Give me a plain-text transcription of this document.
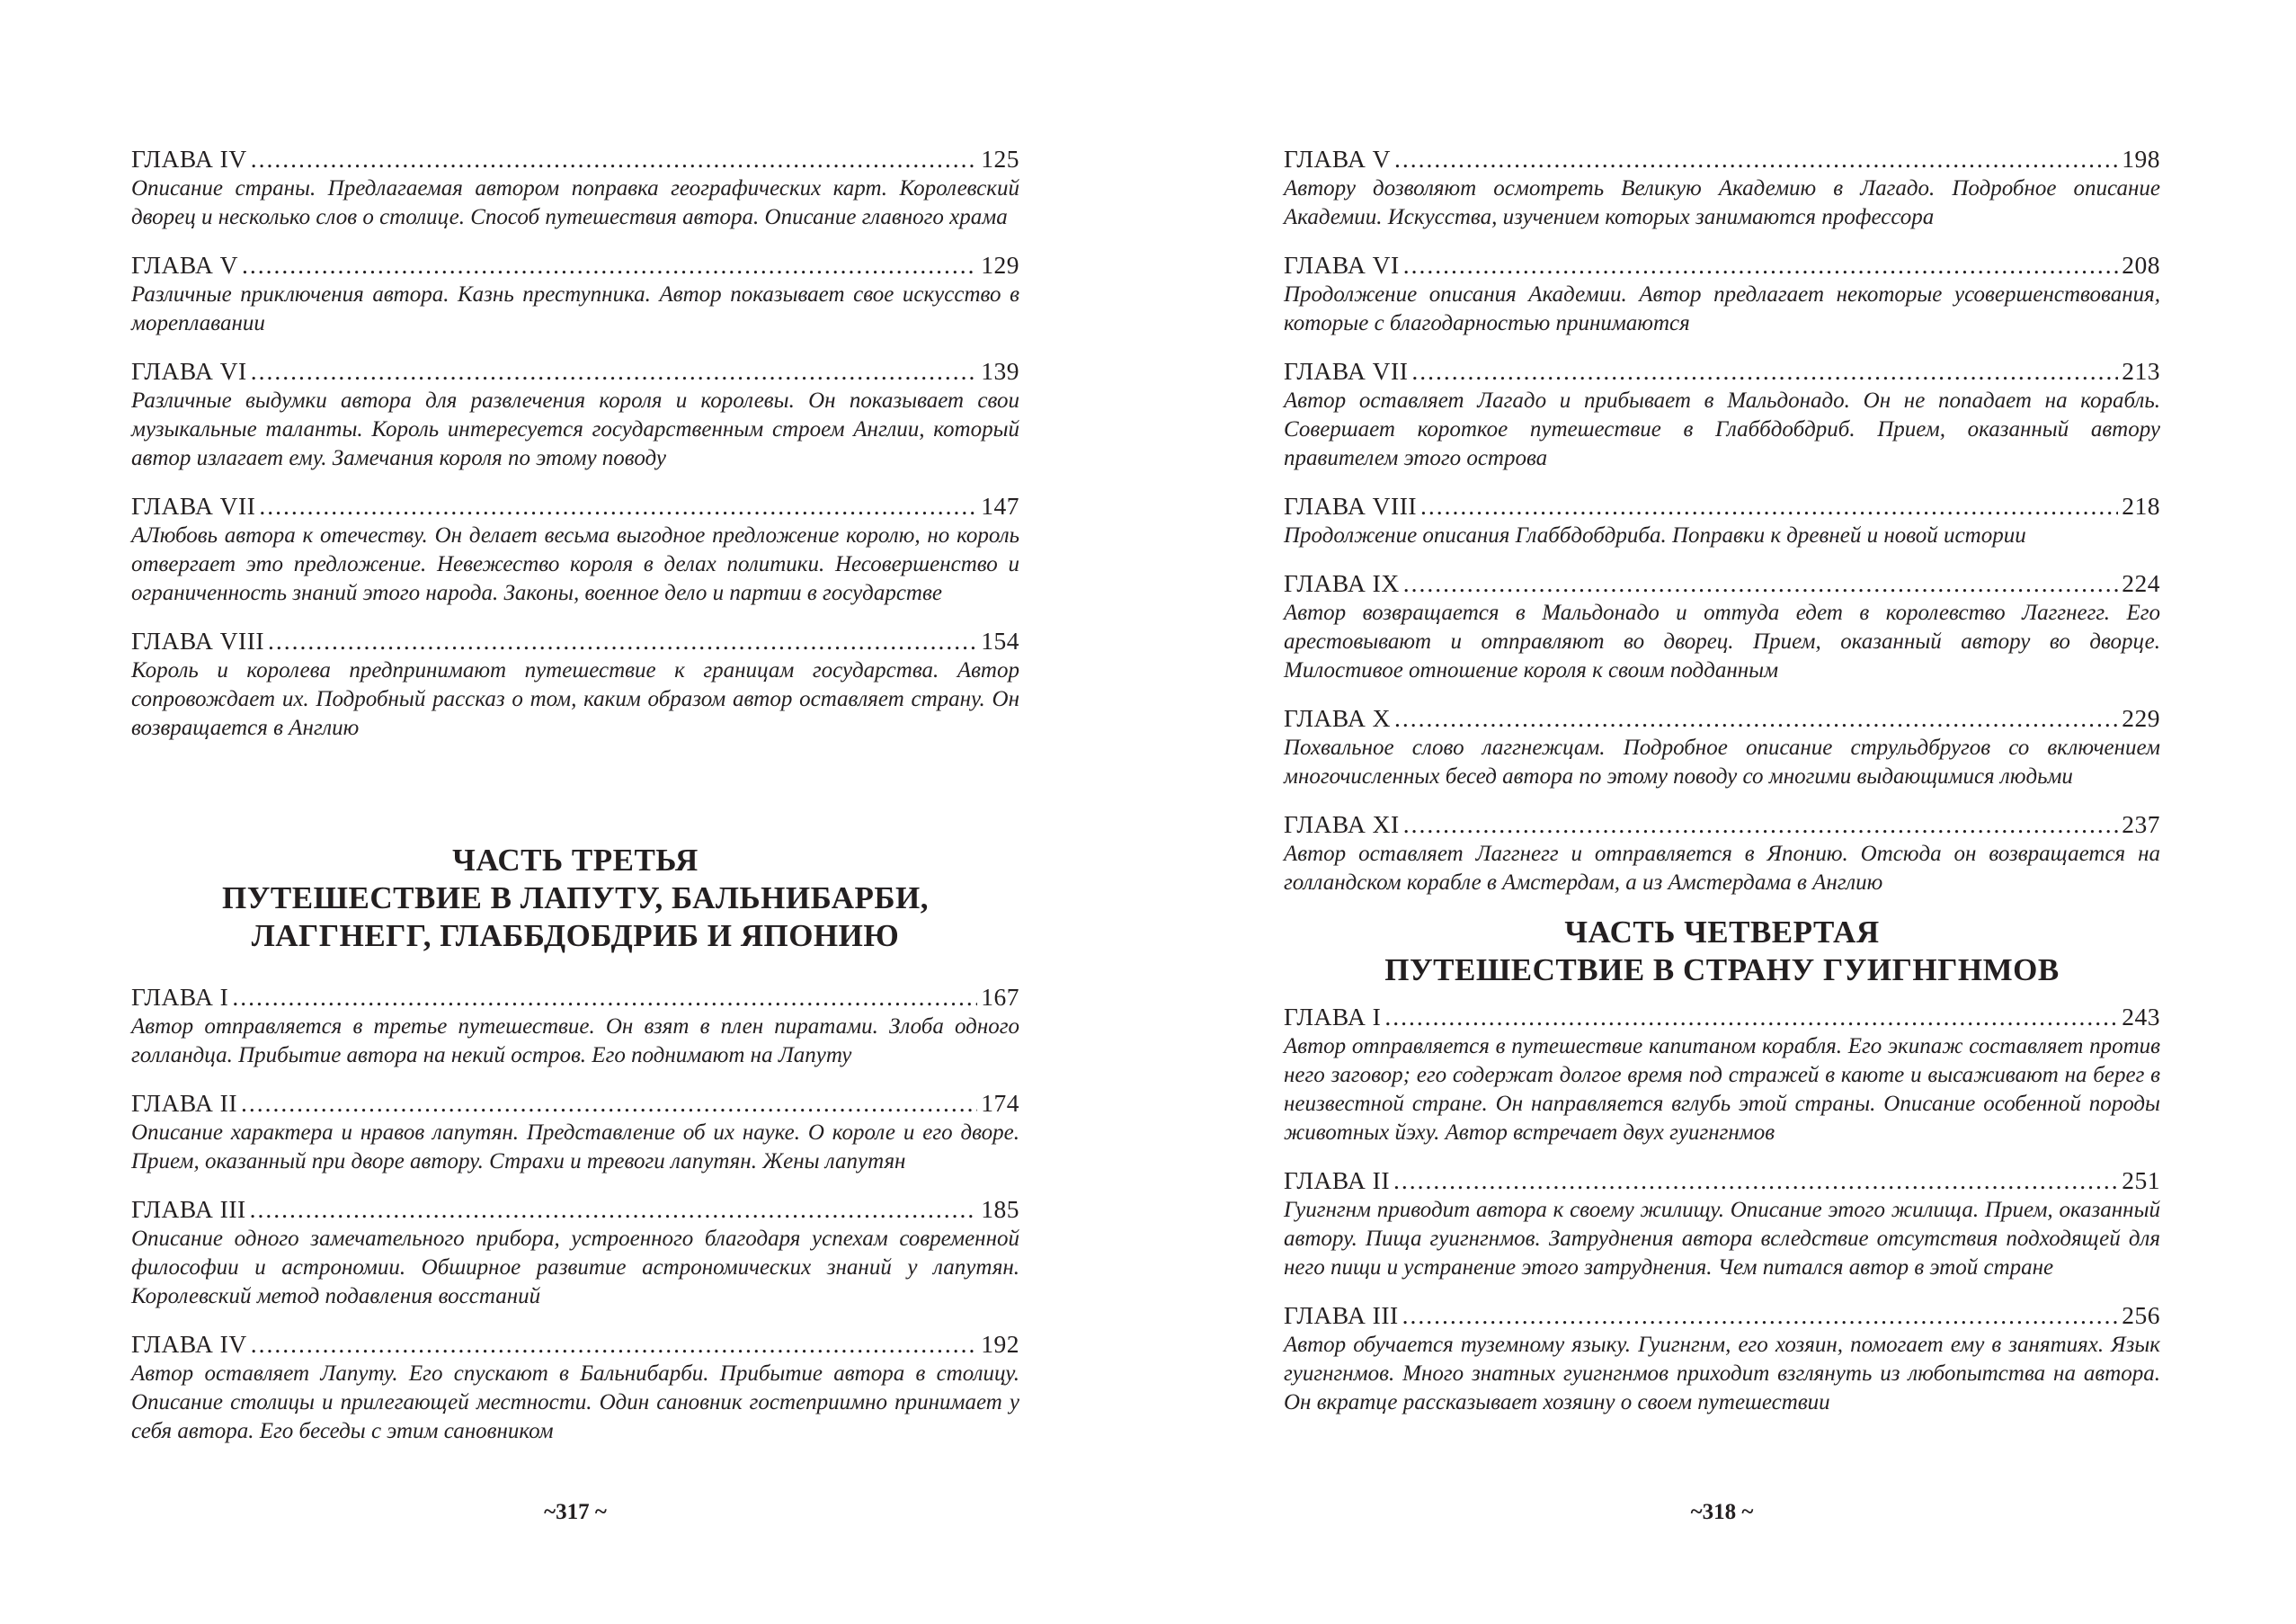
ГЛАВА IV .....	125
Описание страны. Предлагаемая автором поправка географических карт. Королевский дворец и несколько слов о столице. Способ путешествия автора. Описание главного храма
ГЛАВА V .....	129
Различные приключения автора. Казнь преступника. Автор показывает свое искусство в мореплавании
ГЛАВА VI .....	139
Различные выдумки автора для развлечения короля и королевы. Он показывает свои музыкальные таланты. Король интересуется государственным строем Англии, который автор излагает ему. Замечания короля по этому поводу
ГЛАВА VII .....	147
АЛюбовь автора к отечеству. Он делает весьма выгодное предложение королю, но король отвергает это предложение. Невежество короля в делах политики. Несовершенство и ограниченность знаний этого народа. Законы, военное дело и партии в государстве
ГЛАВА VIII .....	154
Король и королева предпринимают путешествие к границам государства. Автор сопровождает их. Подробный рассказ о том, каким образом автор оставляет страну. Он возвращается в Англию
ЧАСТЬ ТРЕТЬЯ
ПУТЕШЕСТВИЕ В ЛАПУТУ, БАЛЬНИБАРБИ,
ЛАГГНЕГГ, ГЛАББДОБДРИБ И ЯПОНИЮ
ГЛАВА I .....	167
Автор отправляется в третье путешествие. Он взят в плен пиратами. Злоба одного голландца. Прибытие автора на некий остров. Его поднимают на Лапуту
ГЛАВА II .....	174
Описание характера и нравов лапутян. Представление об их науке. О короле и его дворе. Прием, оказанный при дворе автору. Страхи и тревоги лапутян. Жены лапутян
ГЛАВА III .....	185
Описание одного замечательного прибора, устроенного благодаря успехам современной философии и астрономии. Обширное развитие астрономических знаний у лапутян. Королевский метод подавления восстаний
ГЛАВА IV .....	192
Автор оставляет Лапуту. Его спускают в Бальнибарби. Прибытие автора в столицу. Описание столицы и прилегающей местности. Один сановник гостеприимно принимает у себя автора. Его беседы с этим сановником
~317 ~
ГЛАВА V .....	198
Автору дозволяют осмотреть Великую Академию в Лагадо. Подробное описание Академии. Искусства, изучением которых занимаются профессора
ГЛАВА VI .....	208
Продолжение описания Академии. Автор предлагает некоторые усовершенствования, которые с благодарностью принимаются
ГЛАВА VII .....	213
Автор оставляет Лагадо и прибывает в Мальдонадо. Он не попадает на корабль. Совершает короткое путешествие в Глаббдобдриб. Прием, оказанный автору правителем этого острова
ГЛАВА VIII .....	218
Продолжение описания Глаббдобдриба. Поправки к древней и новой истории
ГЛАВА IX .....	224
Автор возвращается в Мальдонадо и оттуда едет в королевство Лаггнегг. Его арестовывают и отправляют во дворец. Прием, оказанный автору во дворце. Милостивое отношение короля к своим подданным
ГЛАВА X .....	229
Похвальное слово лаггнежцам. Подробное описание струльдбругов со включением многочисленных бесед автора по этому поводу со многими выдающимися людьми
ГЛАВА XI .....	237
Автор оставляет Лаггнегг и отправляется в Японию. Отсюда он возвращается на голландском корабле в Амстердам, а из Амстердама в Англию
ЧАСТЬ ЧЕТВЕРТАЯ
ПУТЕШЕСТВИЕ В СТРАНУ ГУИГНГНМОВ
ГЛАВА I .....	243
Автор отправляется в путешествие капитаном корабля. Его экипаж составляет против него заговор; его содержат долгое время под стражей в каюте и высаживают на берег в неизвестной стране. Он направляется вглубь этой страны. Описание особенной породы животных йэху. Автор встречает двух гуигнгнмов
ГЛАВА II .....	251
Гуигнгнм приводит автора к своему жилищу. Описание этого жилища. Прием, оказанный автору. Пища гуигнгнмов. Затруднения автора вследствие отсутствия подходящей для него пищи и устранение этого затруднения. Чем питался автор в этой стране
ГЛАВА III .....	256
Автор обучается туземному языку. Гуигнгнм, его хозяин, помогает ему в занятиях. Язык гуигнгнмов. Много знатных гуигнгнмов приходит взглянуть из любопытства на автора. Он вкратце рассказывает хозяину о своем путешествии
~318 ~
